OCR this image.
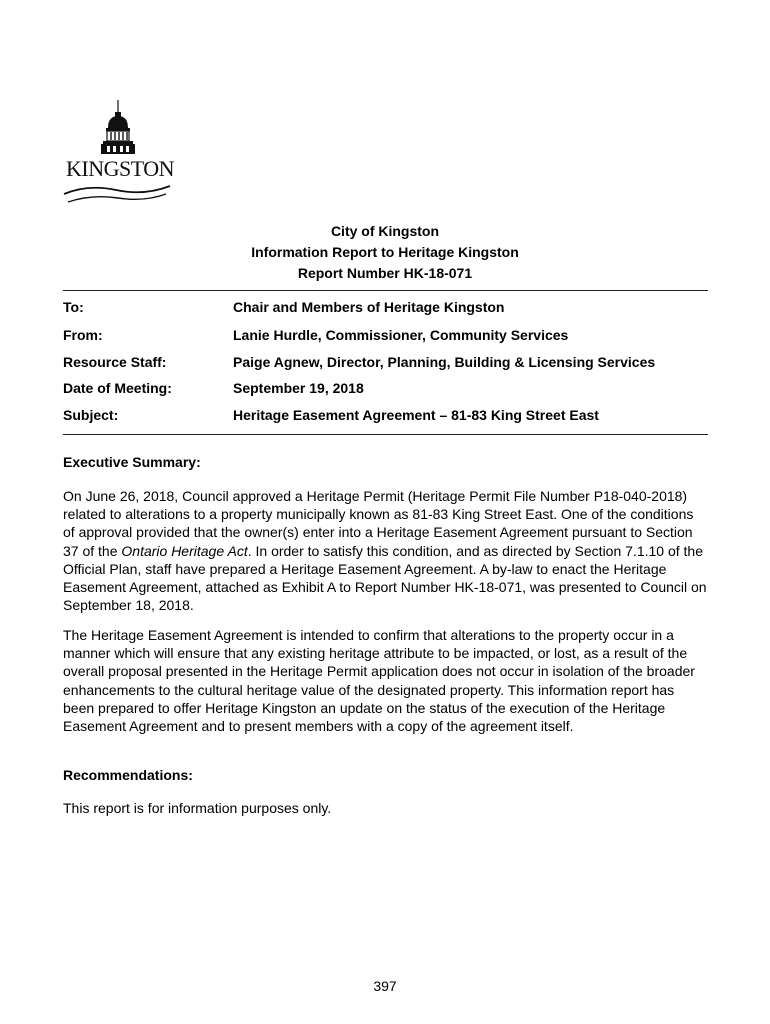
KINGSTON
City of Kingston
Information Report to Heritage Kingston
Report Number HK-18-071
To:	Chair and Members of Heritage Kingston
From:	Lanie Hurdle, Commissioner, Community Services
Resource Staff:	Paige Agnew, Director, Planning, Building & Licensing Services
Date of Meeting:	September 19, 2018
Subject:	Heritage Easement Agreement – 81-83 King Street East
Executive Summary:
On June 26, 2018, Council approved a Heritage Permit (Heritage Permit File Number P18-040-2018) related to alterations to a property municipally known as 81-83 King Street East. One of the conditions of approval provided that the owner(s) enter into a Heritage Easement Agreement pursuant to Section 37 of the Ontario Heritage Act. In order to satisfy this condition, and as directed by Section 7.1.10 of the Official Plan, staff have prepared a Heritage Easement Agreement. A by-law to enact the Heritage Easement Agreement, attached as Exhibit A to Report Number HK-18-071, was presented to Council on September 18, 2018.
The Heritage Easement Agreement is intended to confirm that alterations to the property occur in a manner which will ensure that any existing heritage attribute to be impacted, or lost, as a result of the overall proposal presented in the Heritage Permit application does not occur in isolation of the broader enhancements to the cultural heritage value of the designated property. This information report has been prepared to offer Heritage Kingston an update on the status of the execution of the Heritage Easement Agreement and to present members with a copy of the agreement itself.
Recommendations:
This report is for information purposes only.
397
